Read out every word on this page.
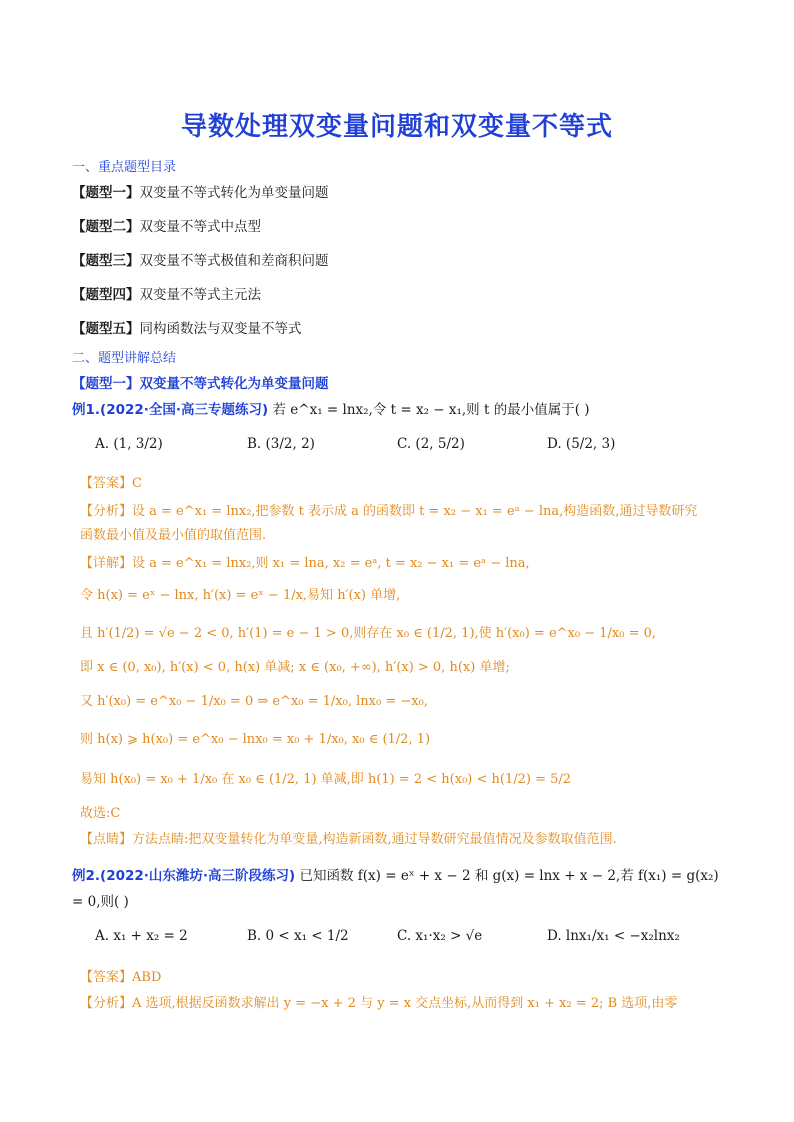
导数处理双变量问题和双变量不等式
一、重点题型目录
【题型一】双变量不等式转化为单变量问题
【题型二】双变量不等式中点型
【题型三】双变量不等式极值和差商积问题
【题型四】双变量不等式主元法
【题型五】同构函数法与双变量不等式
二、题型讲解总结
【题型一】双变量不等式转化为单变量问题
例1.(2022·全国·高三专题练习) 若 e^x₁ = lnx₂,令 t = x₂ − x₁,则 t 的最小值属于( )
A. (1, 3/2)	B. (3/2, 2)	C. (2, 5/2)	D. (5/2, 3)
【答案】C
【分析】设 a = e^x₁ = lnx₂,把参数 t 表示成 a 的函数即 t = x₂ − x₁ = eᵃ − lna,构造函数,通过导数研究
函数最小值及最小值的取值范围.
【详解】设 a = e^x₁ = lnx₂,则 x₁ = lna, x₂ = eᵃ, t = x₂ − x₁ = eᵃ − lna,
令 h(x) = eˣ − lnx, h′(x) = eˣ − 1/x,易知 h′(x) 单增,
且 h′(1/2) = √e − 2 < 0, h′(1) = e − 1 > 0,则存在 x₀ ∈ (1/2, 1),使 h′(x₀) = e^x₀ − 1/x₀ = 0,
即 x ∈ (0, x₀), h′(x) < 0, h(x) 单减; x ∈ (x₀, +∞), h′(x) > 0, h(x) 单增;
又 h′(x₀) = e^x₀ − 1/x₀ = 0 ⇒ e^x₀ = 1/x₀, lnx₀ = −x₀,
则 h(x) ⩾ h(x₀) = e^x₀ − lnx₀ = x₀ + 1/x₀, x₀ ∈ (1/2, 1)
易知 h(x₀) = x₀ + 1/x₀ 在 x₀ ∈ (1/2, 1) 单减,即 h(1) = 2 < h(x₀) < h(1/2) = 5/2
故选:C
【点睛】方法点睛:把双变量转化为单变量,构造新函数,通过导数研究最值情况及参数取值范围.
例2.(2022·山东潍坊·高三阶段练习) 已知函数 f(x) = eˣ + x − 2 和 g(x) = lnx + x − 2,若 f(x₁) = g(x₂)
= 0,则( )
A. x₁ + x₂ = 2	B. 0 < x₁ < 1/2	C. x₁·x₂ > √e	D. lnx₁/x₁ < −x₂lnx₂
【答案】ABD
【分析】A 选项,根据反函数求解出 y = −x + 2 与 y = x 交点坐标,从而得到 x₁ + x₂ = 2; B 选项,由零
